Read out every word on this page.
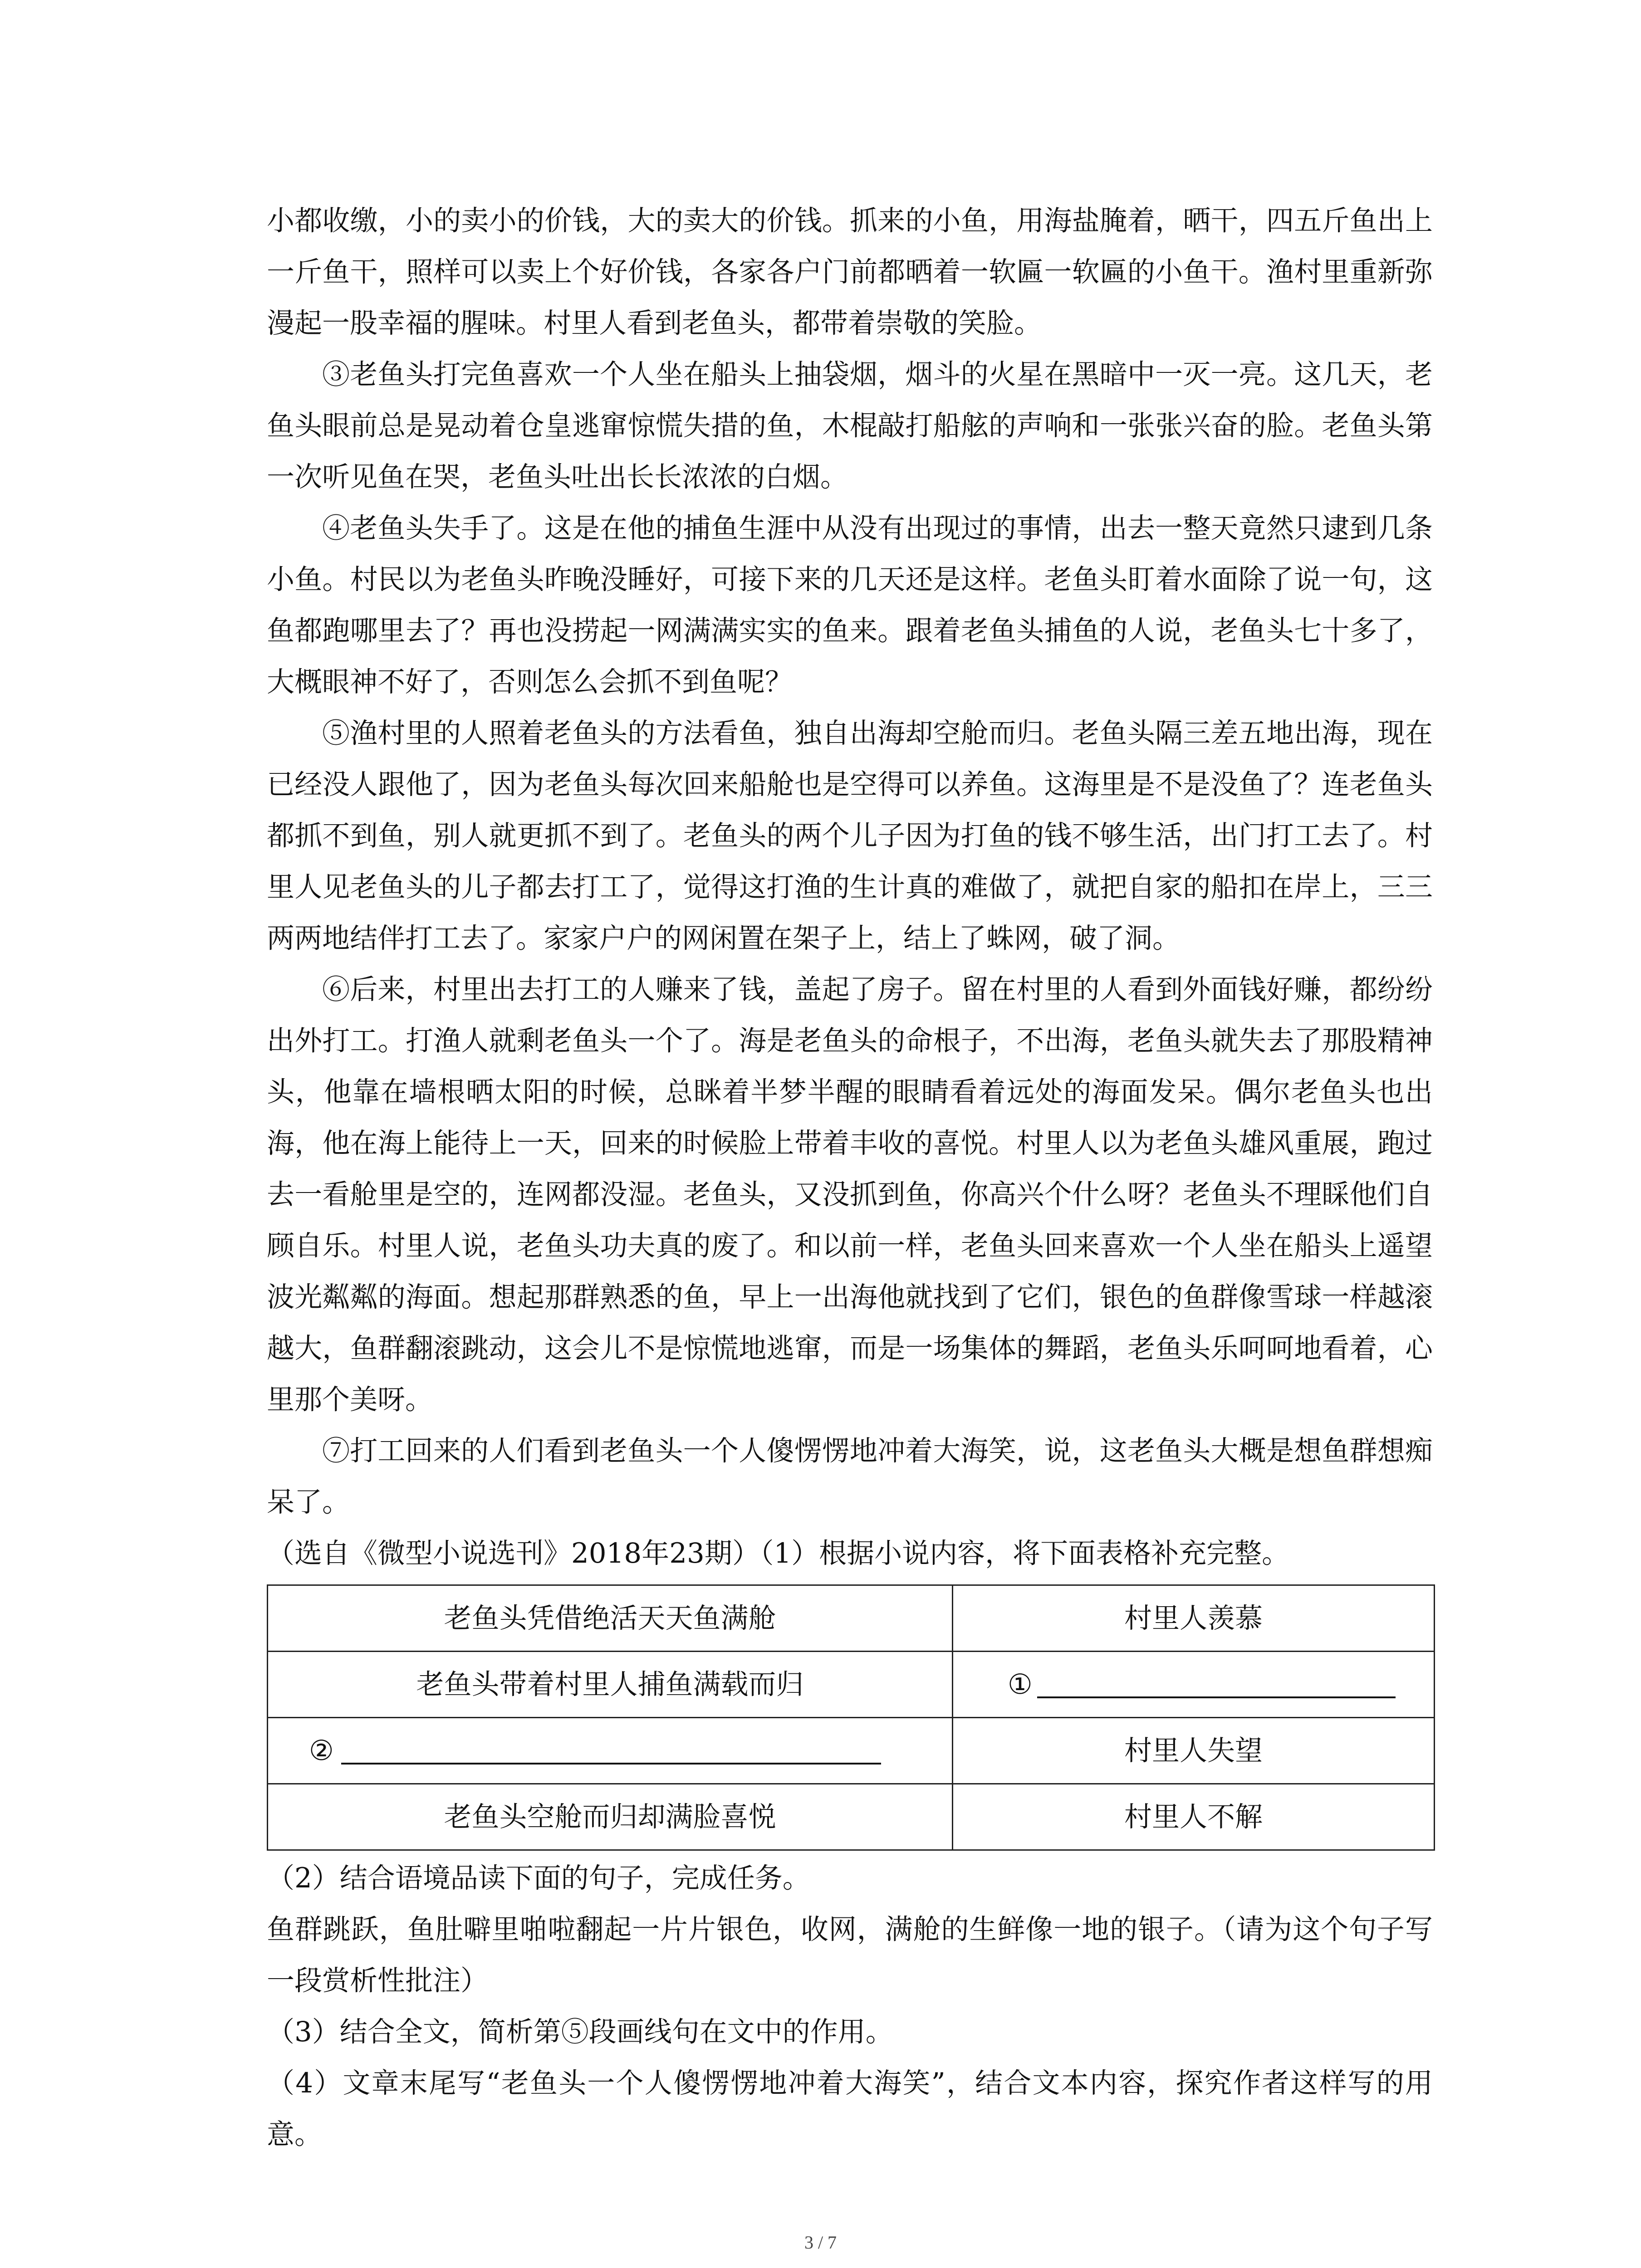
小都收缴，小的卖小的价钱，大的卖大的价钱。抓来的小鱼，用海盐腌着，晒干，四五斤鱼出上一斤鱼干，照样可以卖上个好价钱，各家各户门前都晒着一软匾一软匾的小鱼干。渔村里重新弥漫起一股幸福的腥味。村里人看到老鱼头，都带着崇敬的笑脸。

③老鱼头打完鱼喜欢一个人坐在船头上抽袋烟，烟斗的火星在黑暗中一灭一亮。这几天，老鱼头眼前总是晃动着仓皇逃窜惊慌失措的鱼，木棍敲打船舷的声响和一张张兴奋的脸。老鱼头第一次听见鱼在哭，老鱼头吐出长长浓浓的白烟。

④老鱼头失手了。这是在他的捕鱼生涯中从没有出现过的事情，出去一整天竟然只逮到几条小鱼。村民以为老鱼头昨晚没睡好，可接下来的几天还是这样。老鱼头盯着水面除了说一句，这鱼都跑哪里去了？再也没捞起一网满满实实的鱼来。跟着老鱼头捕鱼的人说，老鱼头七十多了，大概眼神不好了，否则怎么会抓不到鱼呢？

⑤渔村里的人照着老鱼头的方法看鱼，独自出海却空舱而归。老鱼头隔三差五地出海，现在已经没人跟他了，因为老鱼头每次回来船舱也是空得可以养鱼。这海里是不是没鱼了？连老鱼头都抓不到鱼，别人就更抓不到了。老鱼头的两个儿子因为打鱼的钱不够生活，出门打工去了。村里人见老鱼头的儿子都去打工了，觉得这打渔的生计真的难做了，就把自家的船扣在岸上，三三两两地结伴打工去了。家家户户的网闲置在架子上，结上了蛛网，破了洞。

⑥后来，村里出去打工的人赚来了钱，盖起了房子。留在村里的人看到外面钱好赚，都纷纷出外打工。打渔人就剩老鱼头一个了。海是老鱼头的命根子，不出海，老鱼头就失去了那股精神头，他靠在墙根晒太阳的时候，总眯着半梦半醒的眼睛看着远处的海面发呆。偶尔老鱼头也出海，他在海上能待上一天，回来的时候脸上带着丰收的喜悦。村里人以为老鱼头雄风重展，跑过去一看舱里是空的，连网都没湿。老鱼头，又没抓到鱼，你高兴个什么呀？老鱼头不理睬他们自顾自乐。村里人说，老鱼头功夫真的废了。和以前一样，老鱼头回来喜欢一个人坐在船头上遥望波光粼粼的海面。想起那群熟悉的鱼，早上一出海他就找到了它们，银色的鱼群像雪球一样越滚越大，鱼群翻滚跳动，这会儿不是惊慌地逃窜，而是一场集体的舞蹈，老鱼头乐呵呵地看着，心里那个美呀。

⑦打工回来的人们看到老鱼头一个人傻愣愣地冲着大海笑，说，这老鱼头大概是想鱼群想痴呆了。

（选自《微型小说选刊》2018年23期）（1）根据小说内容，将下面表格补充完整。

老鱼头凭借绝活天天鱼满舱	村里人羡慕
老鱼头带着村里人捕鱼满载而归	①
②	村里人失望
老鱼头空舱而归却满脸喜悦	村里人不解

（2）结合语境品读下面的句子，完成任务。

鱼群跳跃，鱼肚噼里啪啦翻起一片片银色，收网，满舱的生鲜像一地的银子。（请为这个句子写一段赏析性批注）

（3）结合全文，简析第⑤段画线句在文中的作用。

（4）文章末尾写“老鱼头一个人傻愣愣地冲着大海笑”，结合文本内容，探究作者这样写的用意。

3 / 7
